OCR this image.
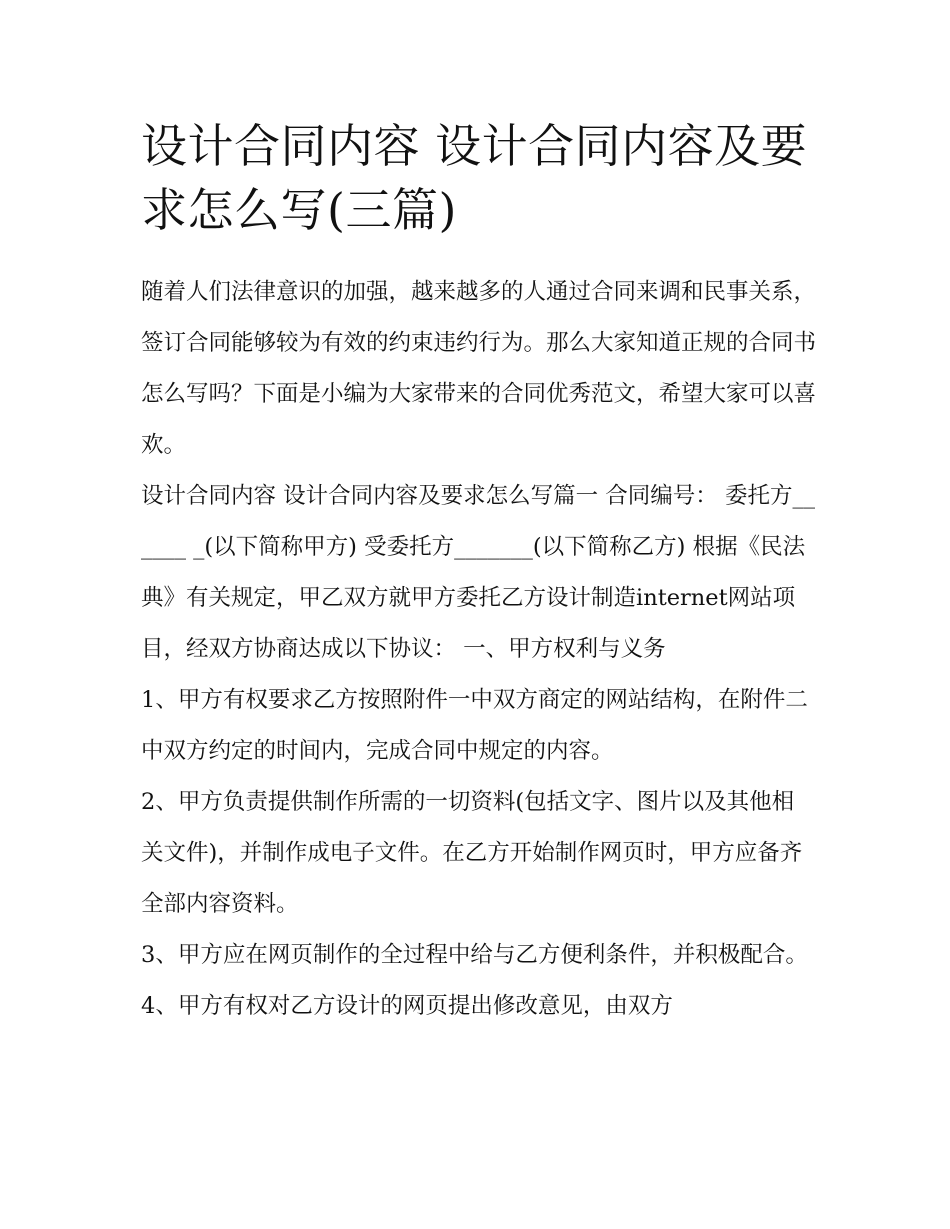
设计合同内容 设计合同内容及要求怎么写(三篇)

随着人们法律意识的加强，越来越多的人通过合同来调和民事关系，签订合同能够较为有效的约束违约行为。那么大家知道正规的合同书怎么写吗？下面是小编为大家带来的合同优秀范文，希望大家可以喜欢。

设计合同内容 设计合同内容及要求怎么写篇一 合同编号： 委托方______ _(以下简称甲方) 受委托方_______(以下简称乙方) 根据《民法典》有关规定，甲乙双方就甲方委托乙方设计制造internet网站项目，经双方协商达成以下协议： 一、甲方权利与义务

1、甲方有权要求乙方按照附件一中双方商定的网站结构，在附件二中双方约定的时间内，完成合同中规定的内容。

2、甲方负责提供制作所需的一切资料(包括文字、图片以及其他相关文件)，并制作成电子文件。在乙方开始制作网页时，甲方应备齐全部内容资料。

3、甲方应在网页制作的全过程中给与乙方便利条件，并积极配合。 4、甲方有权对乙方设计的网页提出修改意见，由双方
